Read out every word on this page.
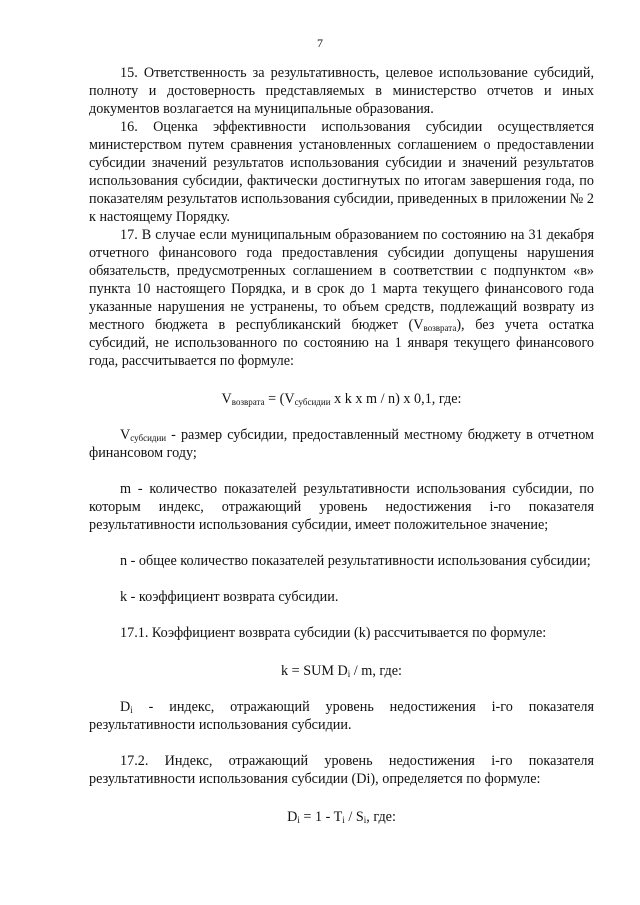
7

15. Ответственность за результативность, целевое использование субсидий, полноту и достоверность представляемых в министерство отчетов и иных документов возлагается на муниципальные образования.

16. Оценка эффективности использования субсидии осуществляется министерством путем сравнения установленных соглашением о предоставлении субсидии значений результатов использования субсидии и значений результатов использования субсидии, фактически достигнутых по итогам завершения года, по показателям результатов использования субсидии, приведенных в приложении № 2 к настоящему Порядку.

17. В случае если муниципальным образованием по состоянию на 31 декабря отчетного финансового года предоставления субсидии допущены нарушения обязательств, предусмотренных соглашением в соответствии с подпунктом «в» пункта 10 настоящего Порядка, и в срок до 1 марта текущего финансового года указанные нарушения не устранены, то объем средств, подлежащий возврату из местного бюджета в республиканский бюджет $(V_{возврата})$, без учета остатка субсидий, не использованного по состоянию на 1 января текущего финансового года, рассчитывается по формуле:

$V_{возврата} = (V_{субсидии}$ x k x m / n) x 0,1, где:

$V_{субсидии}$ - размер субсидии, предоставленный местному бюджету в отчетном финансовом году;

m - количество показателей результативности использования субсидии, по которым индекс, отражающий уровень недостижения i-го показателя результативности использования субсидии, имеет положительное значение;

n - общее количество показателей результативности использования субсидии;

k - коэффициент возврата субсидии.

17.1. Коэффициент возврата субсидии (k) рассчитывается по формуле:

k = SUM $D_i$ / m, где:

$D_i$ - индекс, отражающий уровень недостижения i-го показателя результативности использования субсидии.

17.2. Индекс, отражающий уровень недостижения i-го показателя результативности использования субсидии (Di), определяется по формуле:

$D_i = 1 - T_i / S_i$, где:
